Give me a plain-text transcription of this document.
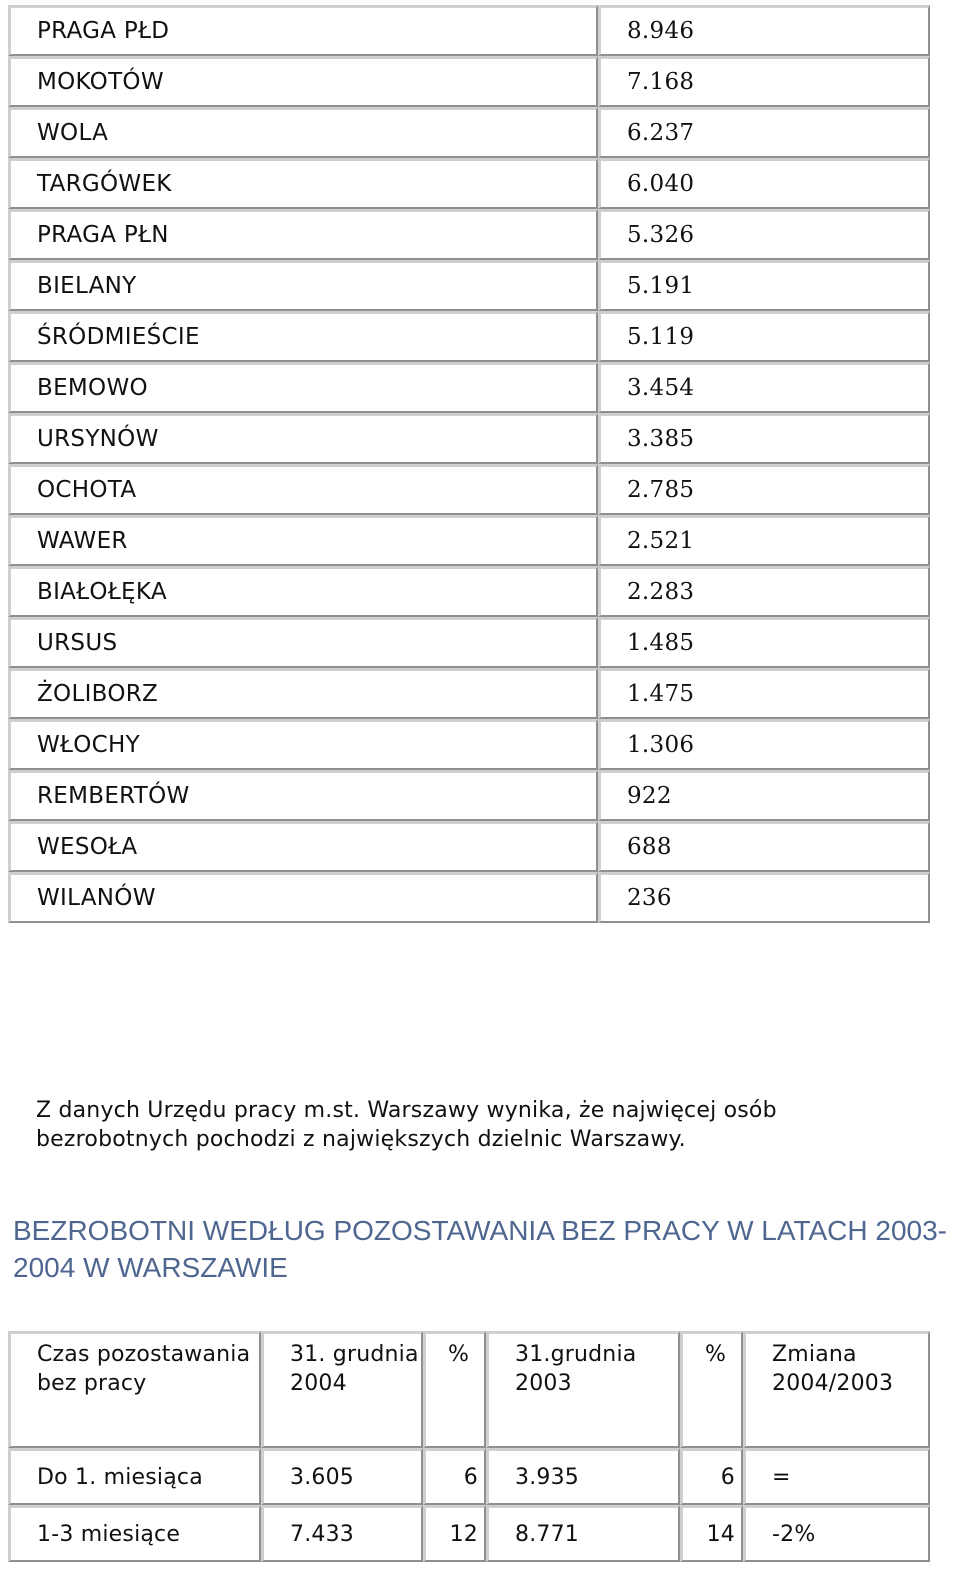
PRAGA PŁD	8.946
MOKOTÓW	7.168
WOLA	6.237
TARGÓWEK	6.040
PRAGA PŁN	5.326
BIELANY	5.191
ŚRÓDMIEŚCIE	5.119
BEMOWO	3.454
URSYNÓW	3.385
OCHOTA	2.785
WAWER	2.521
BIAŁOŁĘKA	2.283
URSUS	1.485
ŻOLIBORZ	1.475
WŁOCHY	1.306
REMBERTÓW	922
WESOŁA	688
WILANÓW	236
Z danych Urzędu pracy m.st. Warszawy wynika, że najwięcej osób bezrobotnych pochodzi z największych dzielnic Warszawy.
BEZROBOTNI WEDŁUG POZOSTAWANIA BEZ PRACY W LATACH 2003- 2004 W WARSZAWIE
Czas pozostawania bez pracy	31. grudnia 2004	%	31.grudnia 2003	%	Zmiana 2004/2003
Do 1. miesiąca	3.605	6	3.935	6	=
1-3 miesiące	7.433	12	8.771	14	-2%
